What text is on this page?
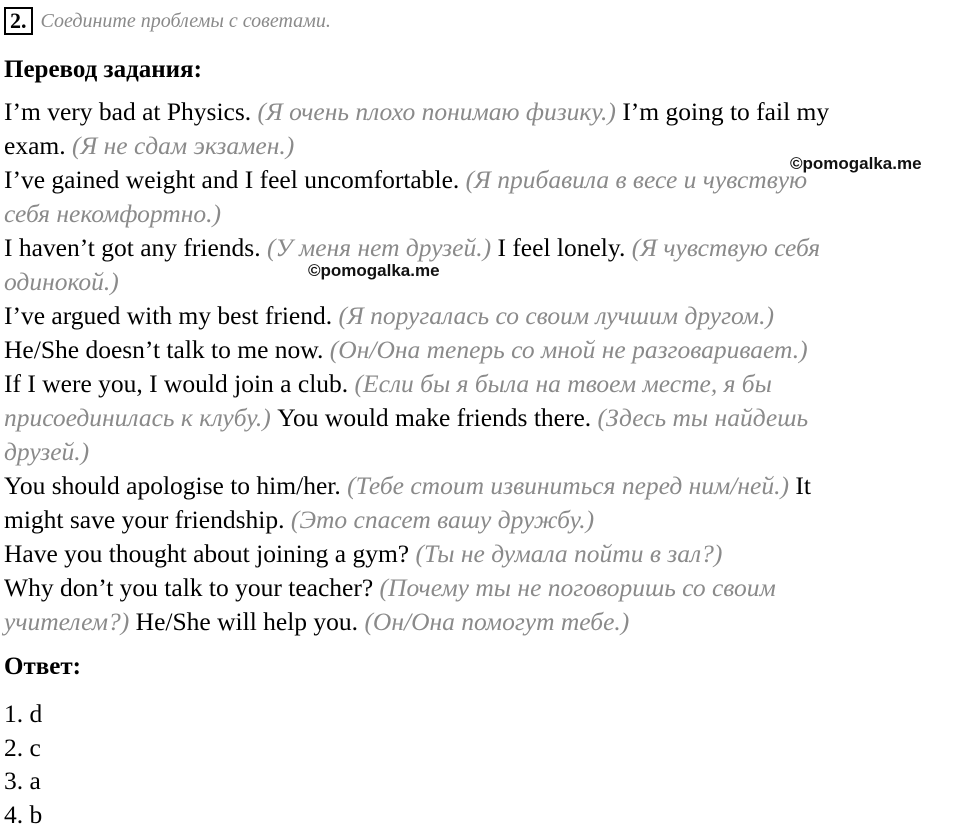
2. Соедините проблемы с советами.
Перевод задания:
I’m very bad at Physics. (Я очень плохо понимаю физику.) I’m going to fail my
exam. (Я не сдам экзамен.)
I’ve gained weight and I feel uncomfortable. (Я прибавила в весе и чувствую
себя некомфортно.)
I haven’t got any friends. (У меня нет друзей.) I feel lonely. (Я чувствую себя
одинокой.)
I’ve argued with my best friend. (Я поругалась со своим лучшим другом.)
He/She doesn’t talk to me now. (Он/Она теперь со мной не разговаривает.)
If I were you, I would join a club. (Если бы я была на твоем месте, я бы
присоединилась к клубу.) You would make friends there. (Здесь ты найдешь
друзей.)
You should apologise to him/her. (Тебе стоит извиниться перед ним/ней.) It
might save your friendship. (Это спасет вашу дружбу.)
Have you thought about joining a gym? (Ты не думала пойти в зал?)
Why don’t you talk to your teacher? (Почему ты не поговоришь со своим
учителем?) He/She will help you. (Он/Она помогут тебе.)
Ответ:
1. d
2. c
3. a
4. b
©pomogalka.me
©pomogalka.me
